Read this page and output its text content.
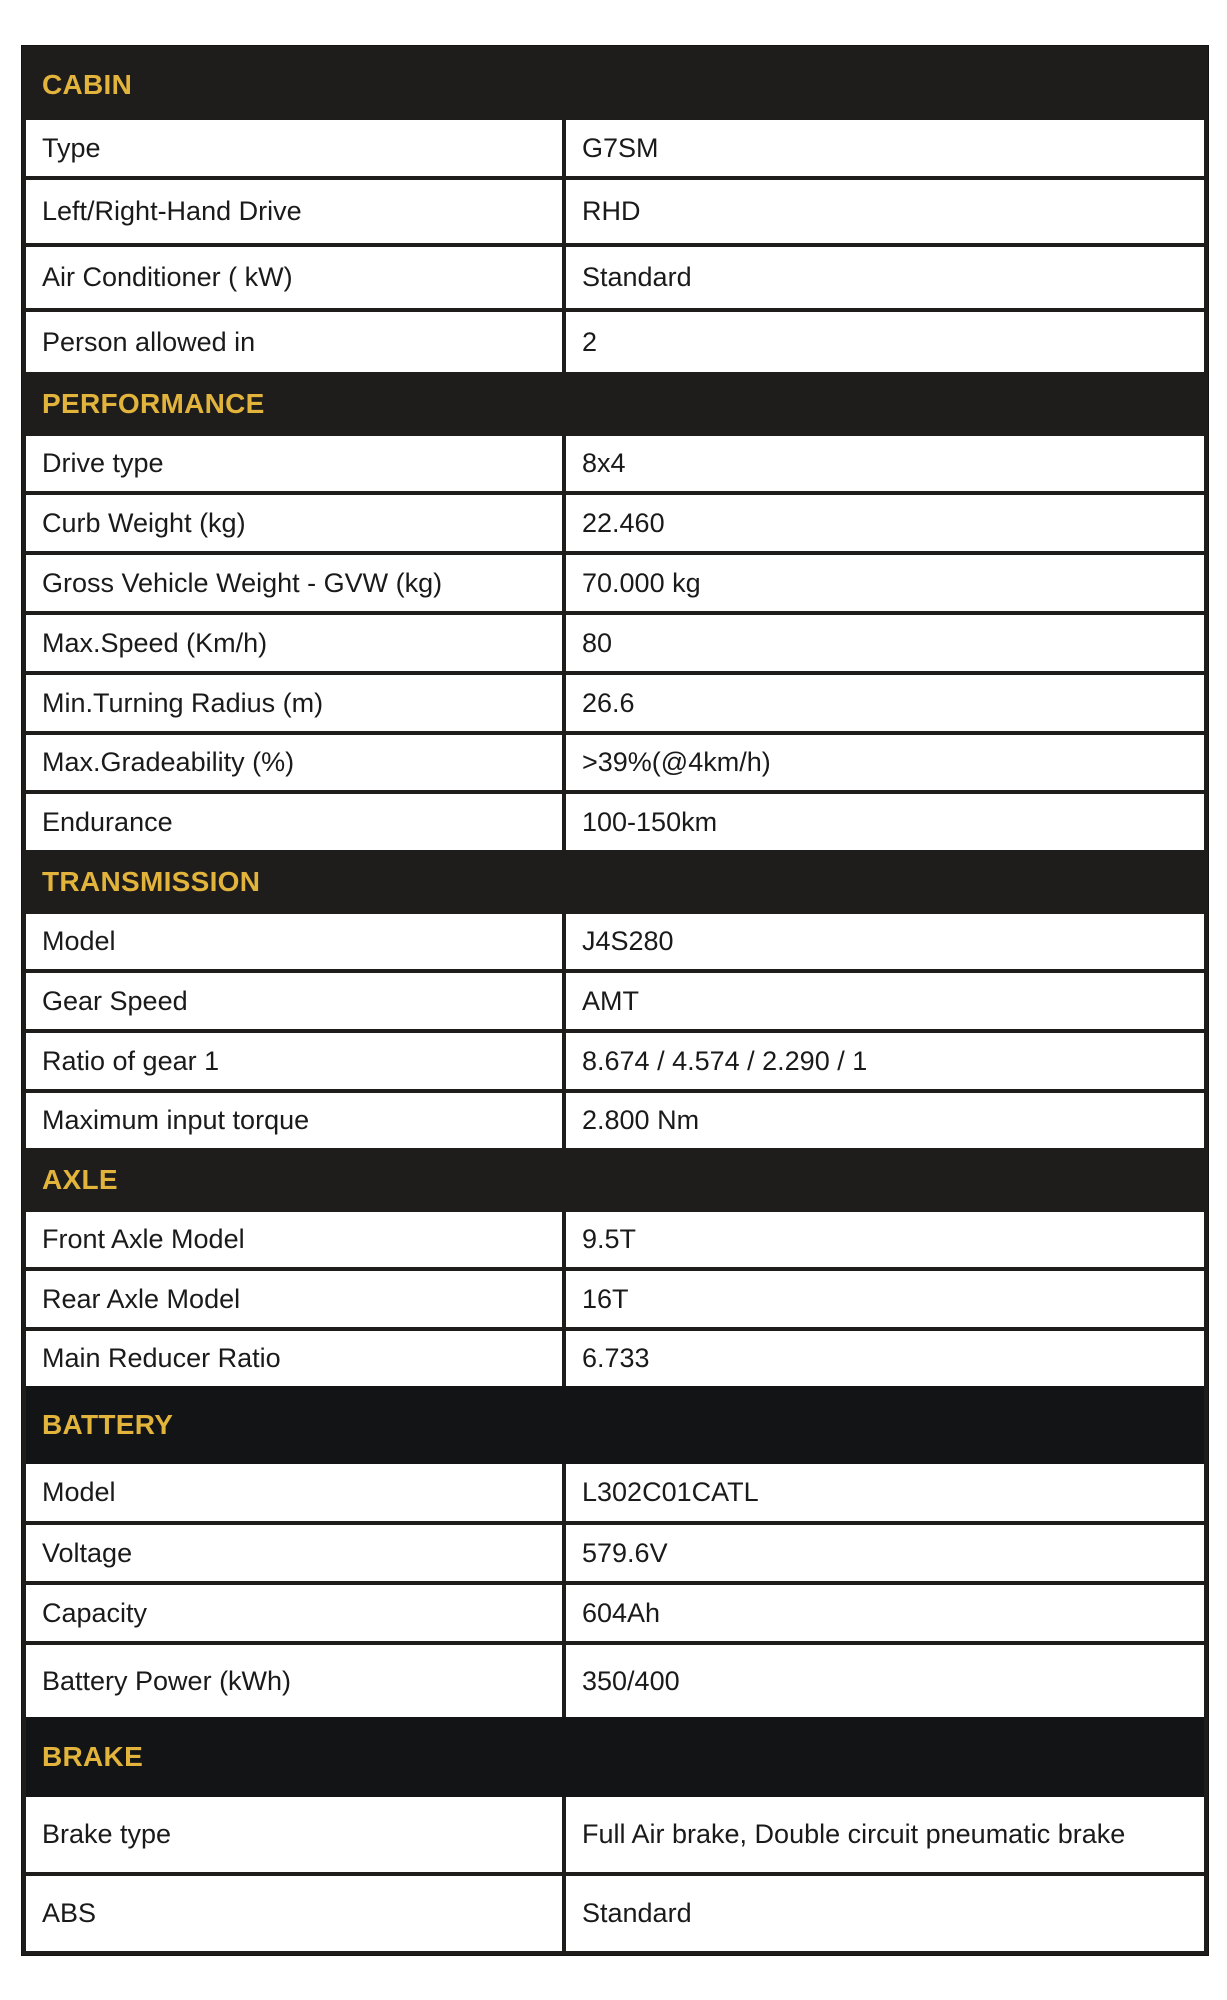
CABIN
Type	G7SM
Left/Right-Hand Drive	RHD
Air Conditioner ( kW)	Standard
Person allowed in	2
PERFORMANCE
Drive type	8x4
Curb Weight (kg)	22.460
Gross Vehicle Weight - GVW (kg)	70.000 kg
Max.Speed (Km/h)	80
Min.Turning Radius (m)	26.6
Max.Gradeability (%)	>39%(@4km/h)
Endurance	100-150km
TRANSMISSION
Model	J4S280
Gear Speed	AMT
Ratio of gear 1	8.674 / 4.574 / 2.290 / 1
Maximum input torque	2.800 Nm
AXLE
Front Axle Model	9.5T
Rear Axle Model	16T
Main Reducer Ratio	6.733
BATTERY
Model	L302C01CATL
Voltage	579.6V
Capacity	604Ah
Battery Power (kWh)	350/400
BRAKE
Brake type	Full Air brake, Double circuit pneumatic brake
ABS	Standard
